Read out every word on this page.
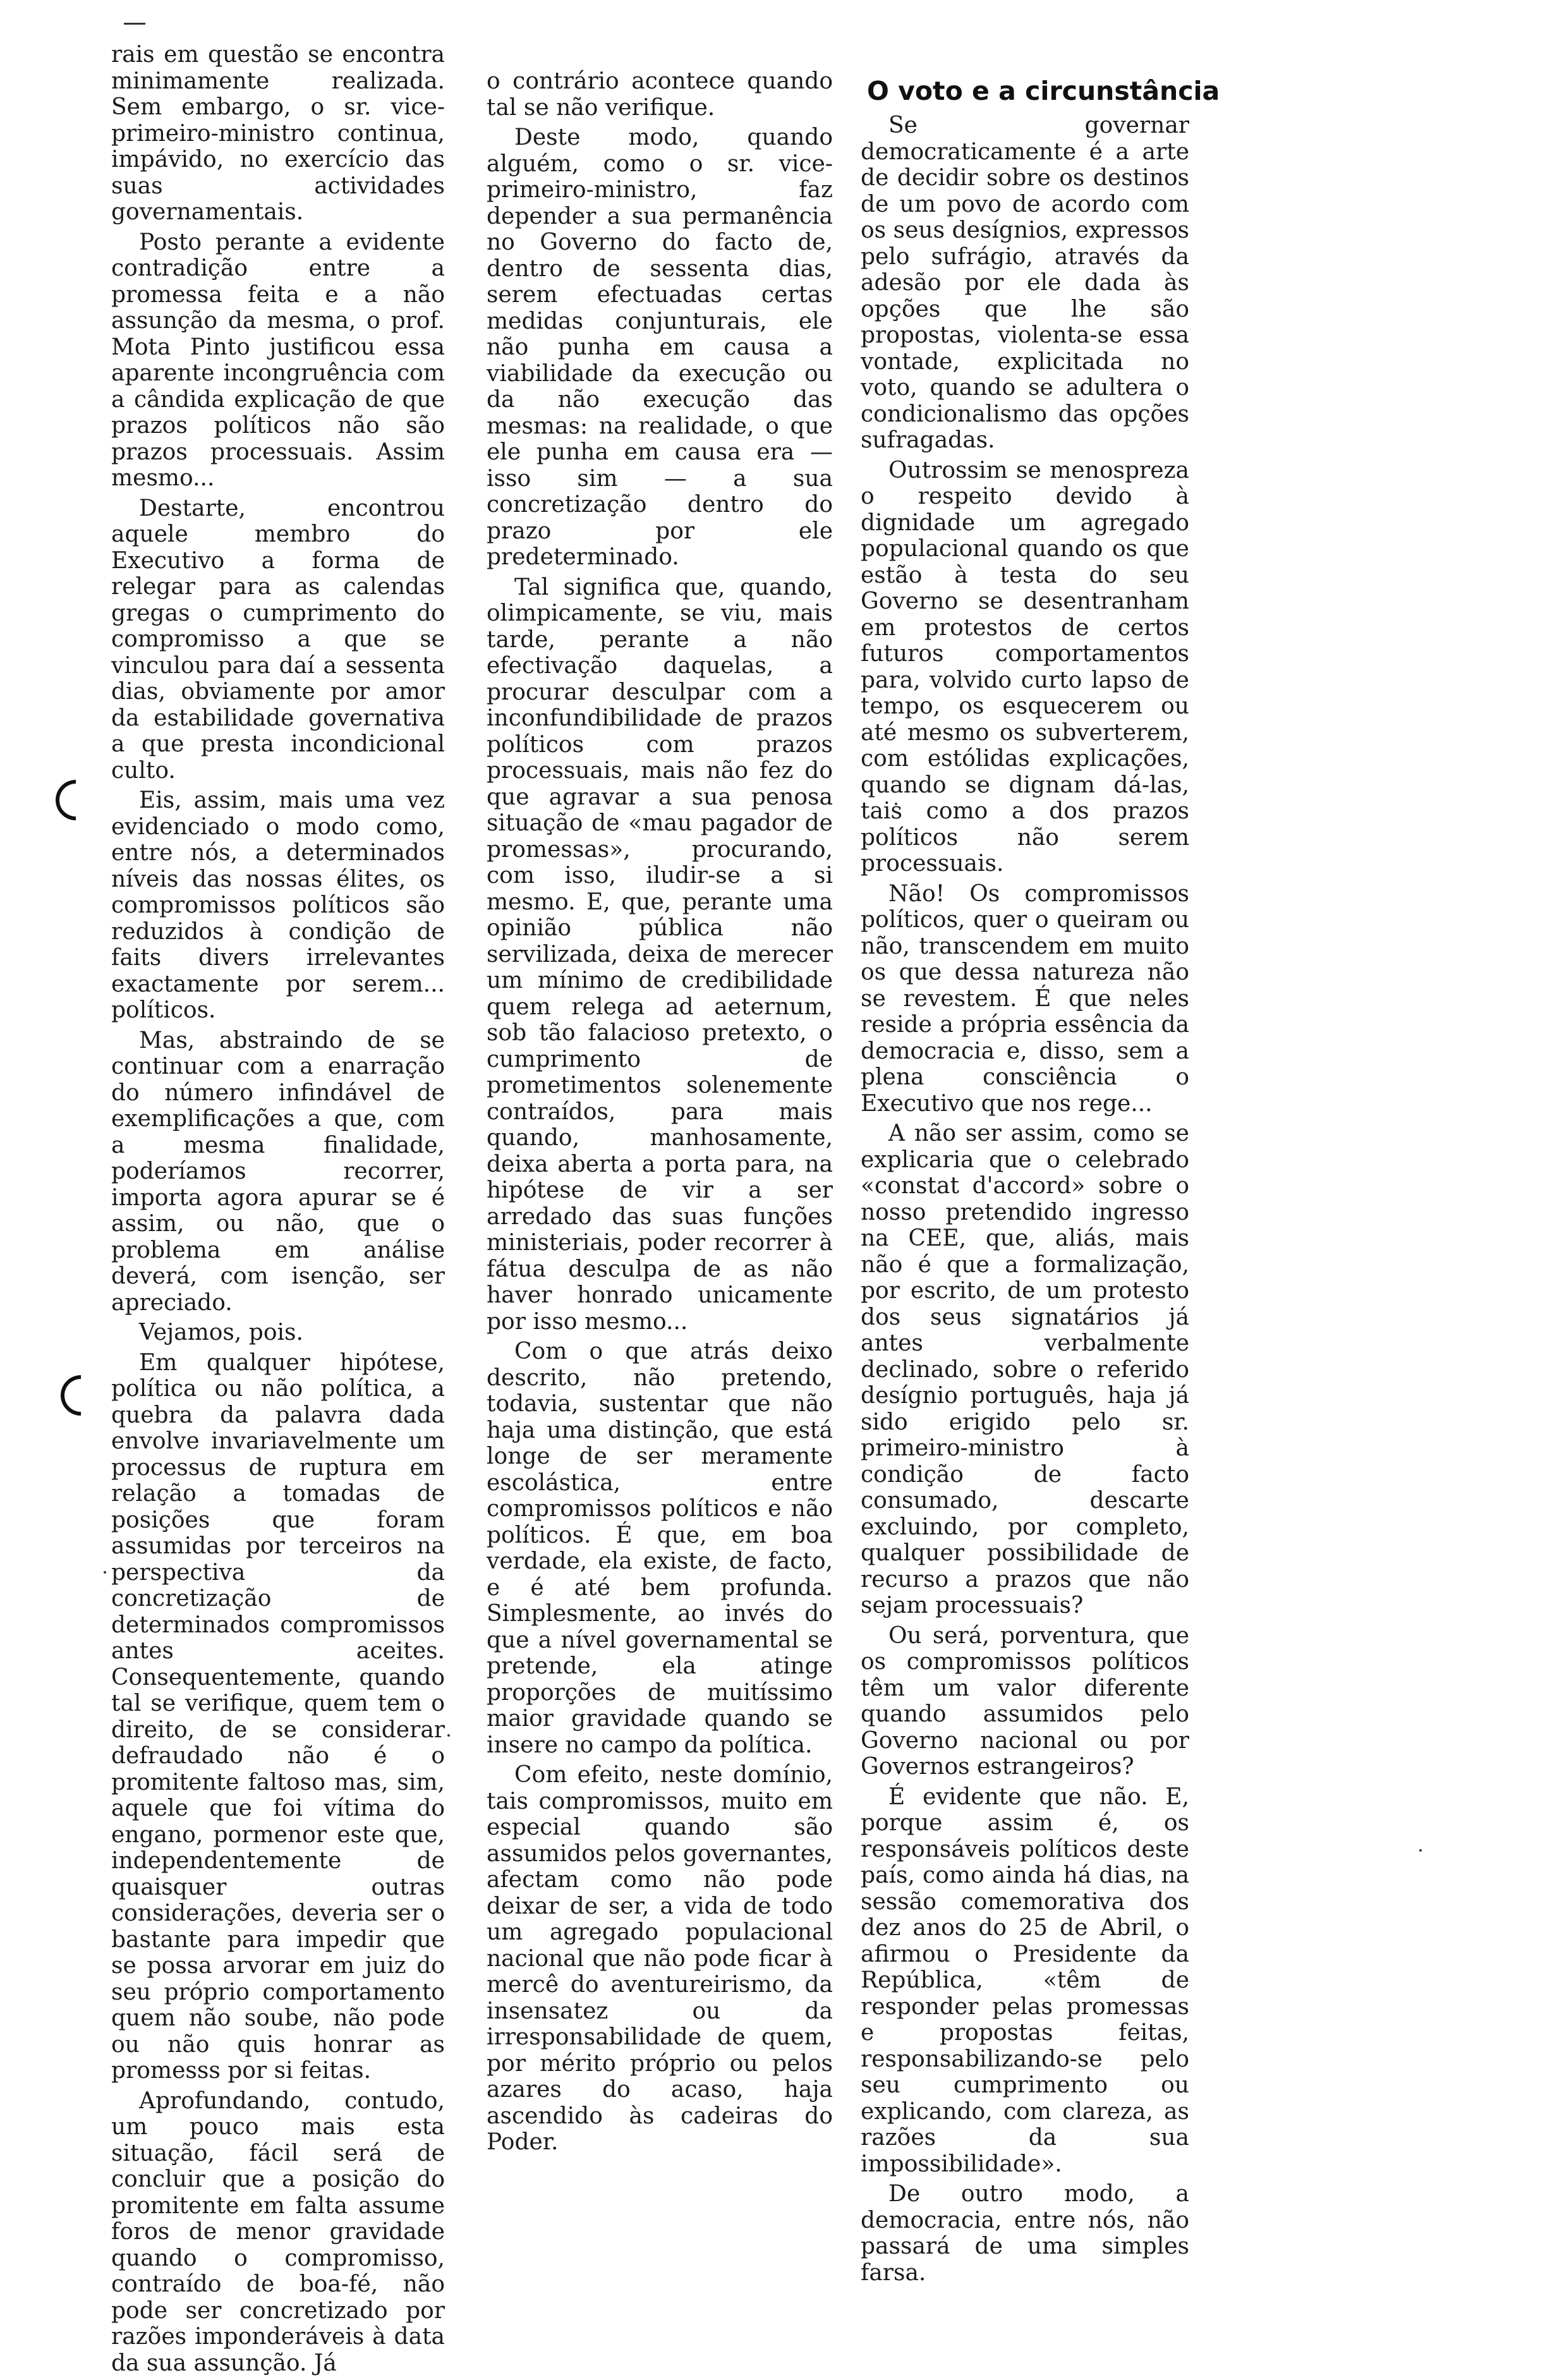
O voto e a circunstância

rais em questão se encontra minimamente realizada. Sem embargo, o sr. vice-primeiro-ministro continua, impávido, no exercício das suas actividades governamentais.

Posto perante a evidente contradição entre a promessa feita e a não assunção da mesma, o prof. Mota Pinto justificou essa aparente incongruência com a cândida explicação de que prazos políticos não são prazos processuais. Assim mesmo...

Destarte, encontrou aquele membro do Executivo a forma de relegar para as calendas gregas o cumprimento do compromisso a que se vinculou para daí a sessenta dias, obviamente por amor da estabilidade governativa a que presta incondicional culto.

Eis, assim, mais uma vez evidenciado o modo como, entre nós, a determinados níveis das nossas élites, os compromissos políticos são reduzidos à condição de faits divers irrelevantes exactamente por serem... políticos.

Mas, abstraindo de se continuar com a enarração do número infindável de exemplificações a que, com a mesma finalidade, poderíamos recorrer, importa agora apurar se é assim, ou não, que o problema em análise deverá, com isenção, ser apreciado.

Vejamos, pois.

Em qualquer hipótese, política ou não política, a quebra da palavra dada envolve invariavelmente um processus de ruptura em relação a tomadas de posições que foram assumidas por terceiros na perspectiva da concretização de determinados compromissos antes aceites. Consequentemente, quando tal se verifique, quem tem o direito, de se considerar defraudado não é o promitente faltoso mas, sim, aquele que foi vítima do engano, pormenor este que, independentemente de quaisquer outras considerações, deveria ser o bastante para impedir que se possa arvorar em juiz do seu próprio comportamento quem não soube, não pode ou não quis honrar as promesss por si feitas.

Aprofundando, contudo, um pouco mais esta situação, fácil será de concluir que a posição do promitente em falta assume foros de menor gravidade quando o compromisso, contraído de boa-fé, não pode ser concretizado por razões imponderáveis à data da sua assunção. Já

o contrário acontece quando tal se não verifique.

Deste modo, quando alguém, como o sr. vice-primeiro-ministro, faz depender a sua permanência no Governo do facto de, dentro de sessenta dias, serem efectuadas certas medidas conjunturais, ele não punha em causa a viabilidade da execução ou da não execução das mesmas: na realidade, o que ele punha em causa era — isso sim — a sua concretização dentro do prazo por ele predeterminado.

Tal significa que, quando, olimpicamente, se viu, mais tarde, perante a não efectivação daquelas, a procurar desculpar com a inconfundibilidade de prazos políticos com prazos processuais, mais não fez do que agravar a sua penosa situação de «mau pagador de promessas», procurando, com isso, iludir-se a si mesmo. E, que, perante uma opinião pública não servilizada, deixa de merecer um mínimo de credibilidade quem relega ad aeternum, sob tão falacioso pretexto, o cumprimento de prometimentos solenemente contraídos, para mais quando, manhosamente, deixa aberta a porta para, na hipótese de vir a ser arredado das suas funções ministeriais, poder recorrer à fátua desculpa de as não haver honrado unicamente por isso mesmo...

Com o que atrás deixo descrito, não pretendo, todavia, sustentar que não haja uma distinção, que está longe de ser meramente escolástica, entre compromissos políticos e não políticos. É que, em boa verdade, ela existe, de facto, e é até bem profunda. Simplesmente, ao invés do que a nível governamental se pretende, ela atinge proporções de muitíssimo maior gravidade quando se insere no campo da política.

Com efeito, neste domínio, tais compromissos, muito em especial quando são assumidos pelos governantes, afectam como não pode deixar de ser, a vida de todo um agregado populacional nacional que não pode ficar à mercê do aventureirismo, da insensatez ou da irresponsabilidade de quem, por mérito próprio ou pelos azares do acaso, haja ascendido às cadeiras do Poder.

Se governar democraticamente é a arte de decidir sobre os destinos de um povo de acordo com os seus desígnios, expressos pelo sufrágio, através da adesão por ele dada às opções que lhe são propostas, violenta-se essa vontade, explicitada no voto, quando se adultera o condicionalismo das opções sufragadas.

Outrossim se menospreza o respeito devido à dignidade um agregado populacional quando os que estão à testa do seu Governo se desentranham em protestos de certos futuros comportamentos para, volvido curto lapso de tempo, os esquecerem ou até mesmo os subverterem, com estólidas explicações, quando se dignam dá-las, tais como a dos prazos políticos não serem processuais.

Não! Os compromissos políticos, quer o queiram ou não, transcendem em muito os que dessa natureza não se revestem. É que neles reside a própria essência da democracia e, disso, sem a plena consciência o Executivo que nos rege...

A não ser assim, como se explicaria que o celebrado «constat d'accord» sobre o nosso pretendido ingresso na CEE, que, aliás, mais não é que a formalização, por escrito, de um protesto dos seus signatários já antes verbalmente declinado, sobre o referido desígnio português, haja já sido erigido pelo sr. primeiro-ministro à condição de facto consumado, descarte excluindo, por completo, qualquer possibilidade de recurso a prazos que não sejam processuais?

Ou será, porventura, que os compromissos políticos têm um valor diferente quando assumidos pelo Governo nacional ou por Governos estrangeiros?

É evidente que não. E, porque assim é, os responsáveis políticos deste país, como ainda há dias, na sessão comemorativa dos dez anos do 25 de Abril, o afirmou o Presidente da República, «têm de responder pelas promessas e propostas feitas, responsabilizando-se pelo seu cumprimento ou explicando, com clareza, as razões da sua impossibilidade».

De outro modo, a democracia, entre nós, não passará de uma simples farsa.
